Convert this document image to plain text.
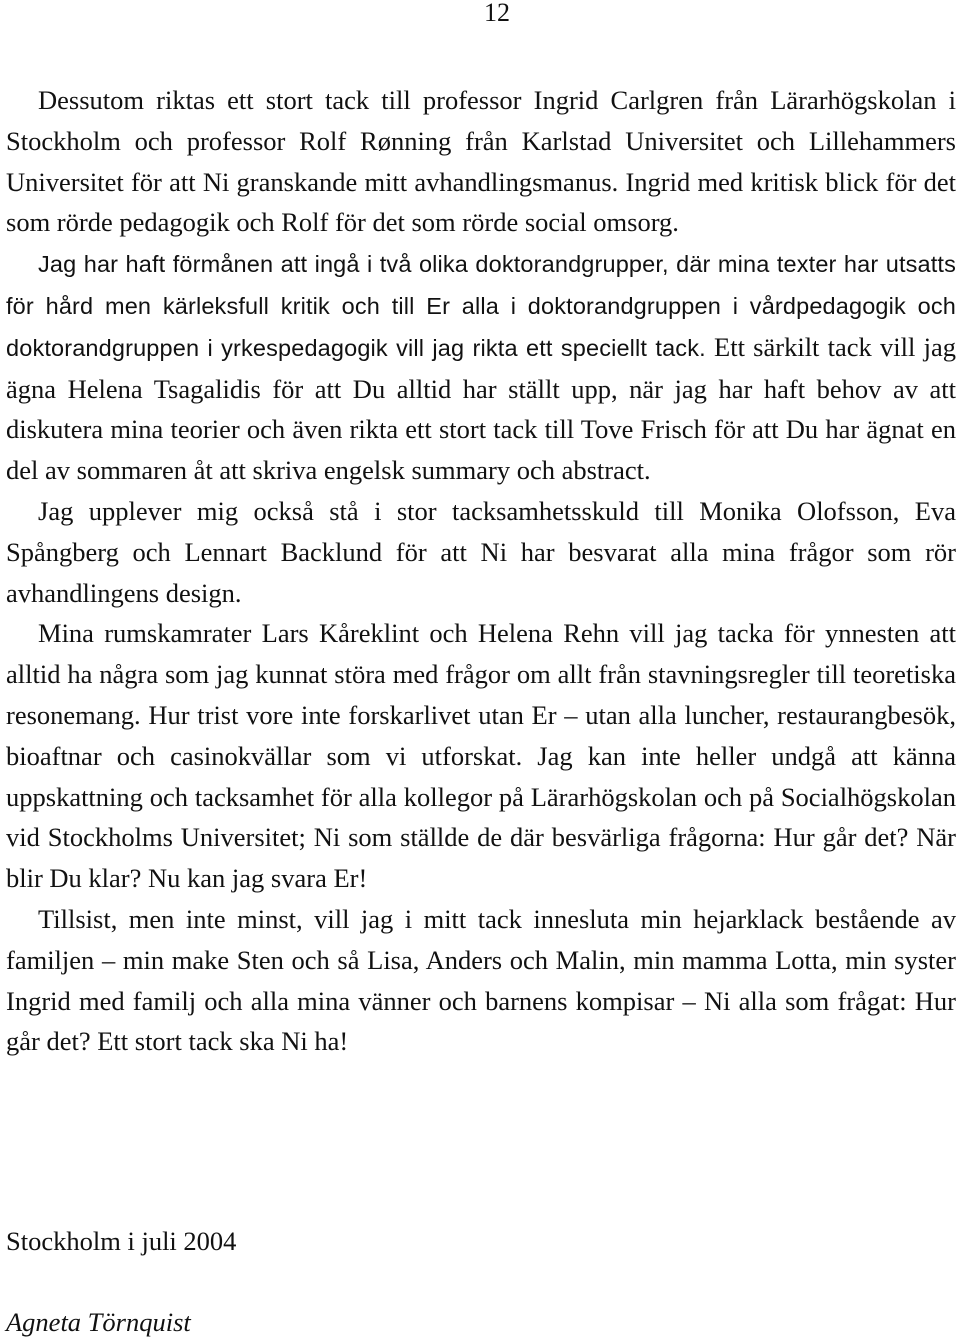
12

Dessutom riktas ett stort tack till professor Ingrid Carlgren från Lärarhögskolan i Stockholm och professor Rolf Rønning från Karlstad Universitet och Lillehammers Universitet för att Ni granskande mitt avhandlingsmanus. Ingrid med kritisk blick för det som rörde pedagogik och Rolf för det som rörde social omsorg.

Jag har haft förmånen att ingå i två olika doktorandgrupper, där mina texter har utsatts för hård men kärleksfull kritik och till Er alla i doktorandgruppen i vårdpedagogik och doktorandgruppen i yrkespedagogik vill jag rikta ett speciellt tack. Ett särkilt tack vill jag ägna Helena Tsagalidis för att Du alltid har ställt upp, när jag har haft behov av att diskutera mina teorier och även rikta ett stort tack till Tove Frisch för att Du har ägnat en del av sommaren åt att skriva engelsk summary och abstract.

Jag upplever mig också stå i stor tacksamhetsskuld till Monika Olofsson, Eva Spångberg och Lennart Backlund för att Ni har besvarat alla mina frågor som rör avhandlingens design.

Mina rumskamrater Lars Kåreklint och Helena Rehn vill jag tacka för ynnesten att alltid ha några som jag kunnat störa med frågor om allt från stavningsregler till teoretiska resonemang. Hur trist vore inte forskarlivet utan Er – utan alla luncher, restaurangbesök, bioaftnar och casinokvällar som vi utforskat. Jag kan inte heller undgå att känna uppskattning och tacksamhet för alla kollegor på Lärarhögskolan och på Socialhögskolan vid Stockholms Universitet; Ni som ställde de där besvärliga frågorna: Hur går det? När blir Du klar? Nu kan jag svara Er!

Tillsist, men inte minst, vill jag i mitt tack innesluta min hejarklack bestående av familjen – min make Sten och så Lisa, Anders och Malin, min mamma Lotta, min syster Ingrid med familj och alla mina vänner och barnens kompisar – Ni alla som frågat: Hur går det? Ett stort tack ska Ni ha!

Stockholm i juli 2004
Agneta Törnquist
